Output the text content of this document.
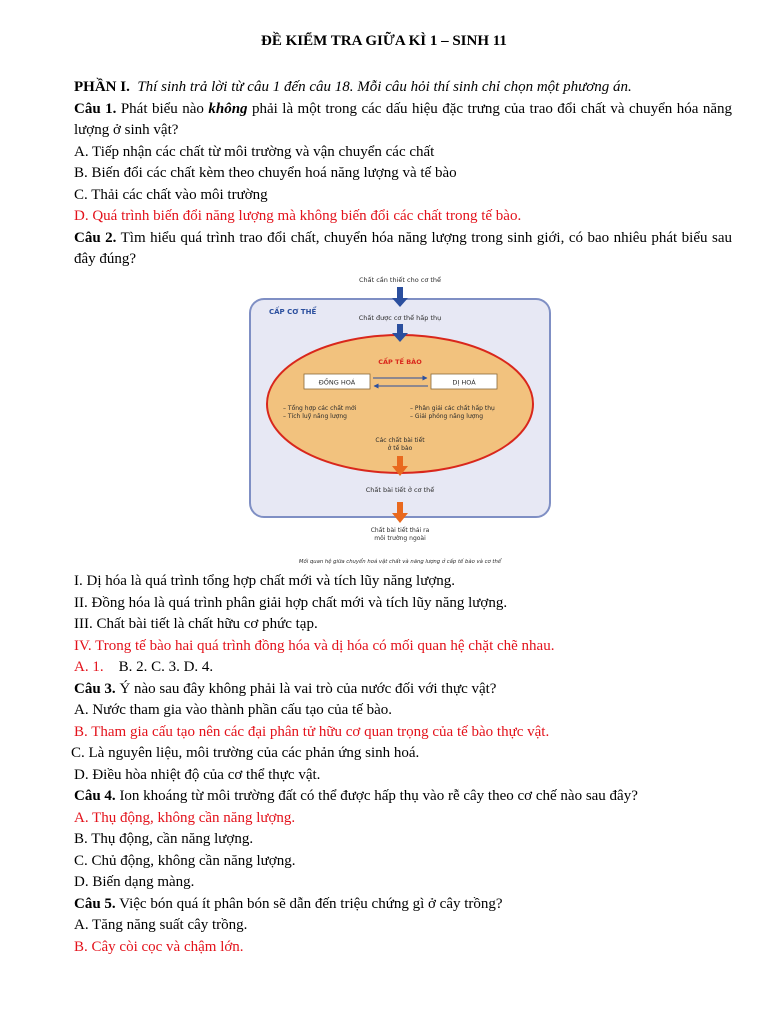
ĐỀ KIỂM TRA GIỮA KÌ 1 – SINH 11
PHẦN I. Thí sinh trả lời từ câu 1 đến câu 18. Mỗi câu hỏi thí sinh chỉ chọn một phương án.
Câu 1. Phát biểu nào không phải là một trong các dấu hiệu đặc trưng của trao đổi chất và chuyển hóa năng lượng ở sinh vật?
A. Tiếp nhận các chất từ môi trường và vận chuyển các chất
B. Biến đổi các chất kèm theo chuyển hoá năng lượng và tế bào
C. Thải các chất vào môi trường
D. Quá trình biến đổi năng lượng mà không biến đổi các chất trong tế bào.
Câu 2. Tìm hiểu quá trình trao đổi chất, chuyển hóa năng lượng trong sinh giới, có bao nhiêu phát biểu sau đây đúng?
Chất cần thiết cho cơ thể
CẤP CƠ THỂ
Chất được cơ thể hấp thụ
CẤP TẾ BÀO
ĐỒNG HOÁ	DỊ HOÁ
– Tổng hợp các chất mới
– Tích luỹ năng lượng
– Phân giải các chất hấp thụ
– Giải phóng năng lượng
Các chất bài tiết
ở tế bào
Chất bài tiết ở cơ thể
Chất bài tiết thải ra
môi trường ngoài
Mối quan hệ giữa chuyển hoá vật chất và năng lượng ở cấp tế bào và cơ thể
I. Dị hóa là quá trình tổng hợp chất mới và tích lũy năng lượng.
II. Đồng hóa là quá trình phân giải hợp chất mới và tích lũy năng lượng.
III. Chất bài tiết là chất hữu cơ phức tạp.
IV. Trong tế bào hai quá trình đồng hóa và dị hóa có mối quan hệ chặt chẽ nhau.
A. 1. B. 2. C. 3. D. 4.
Câu 3. Ý nào sau đây không phải là vai trò của nước đối với thực vật?
A. Nước tham gia vào thành phần cấu tạo của tế bào.
B. Tham gia cấu tạo nên các đại phân tử hữu cơ quan trọng của tế bào thực vật.
C. Là nguyên liệu, môi trường của các phản ứng sinh hoá.
D. Điều hòa nhiệt độ của cơ thể thực vật.
Câu 4. Ion khoáng từ môi trường đất có thể được hấp thụ vào rễ cây theo cơ chế nào sau đây?
A. Thụ động, không cần năng lượng.
B. Thụ động, cần năng lượng.
C. Chủ động, không cần năng lượng.
D. Biến dạng màng.
Câu 5. Việc bón quá ít phân bón sẽ dẫn đến triệu chứng gì ở cây trồng?
A. Tăng năng suất cây trồng.
B. Cây còi cọc và chậm lớn.
